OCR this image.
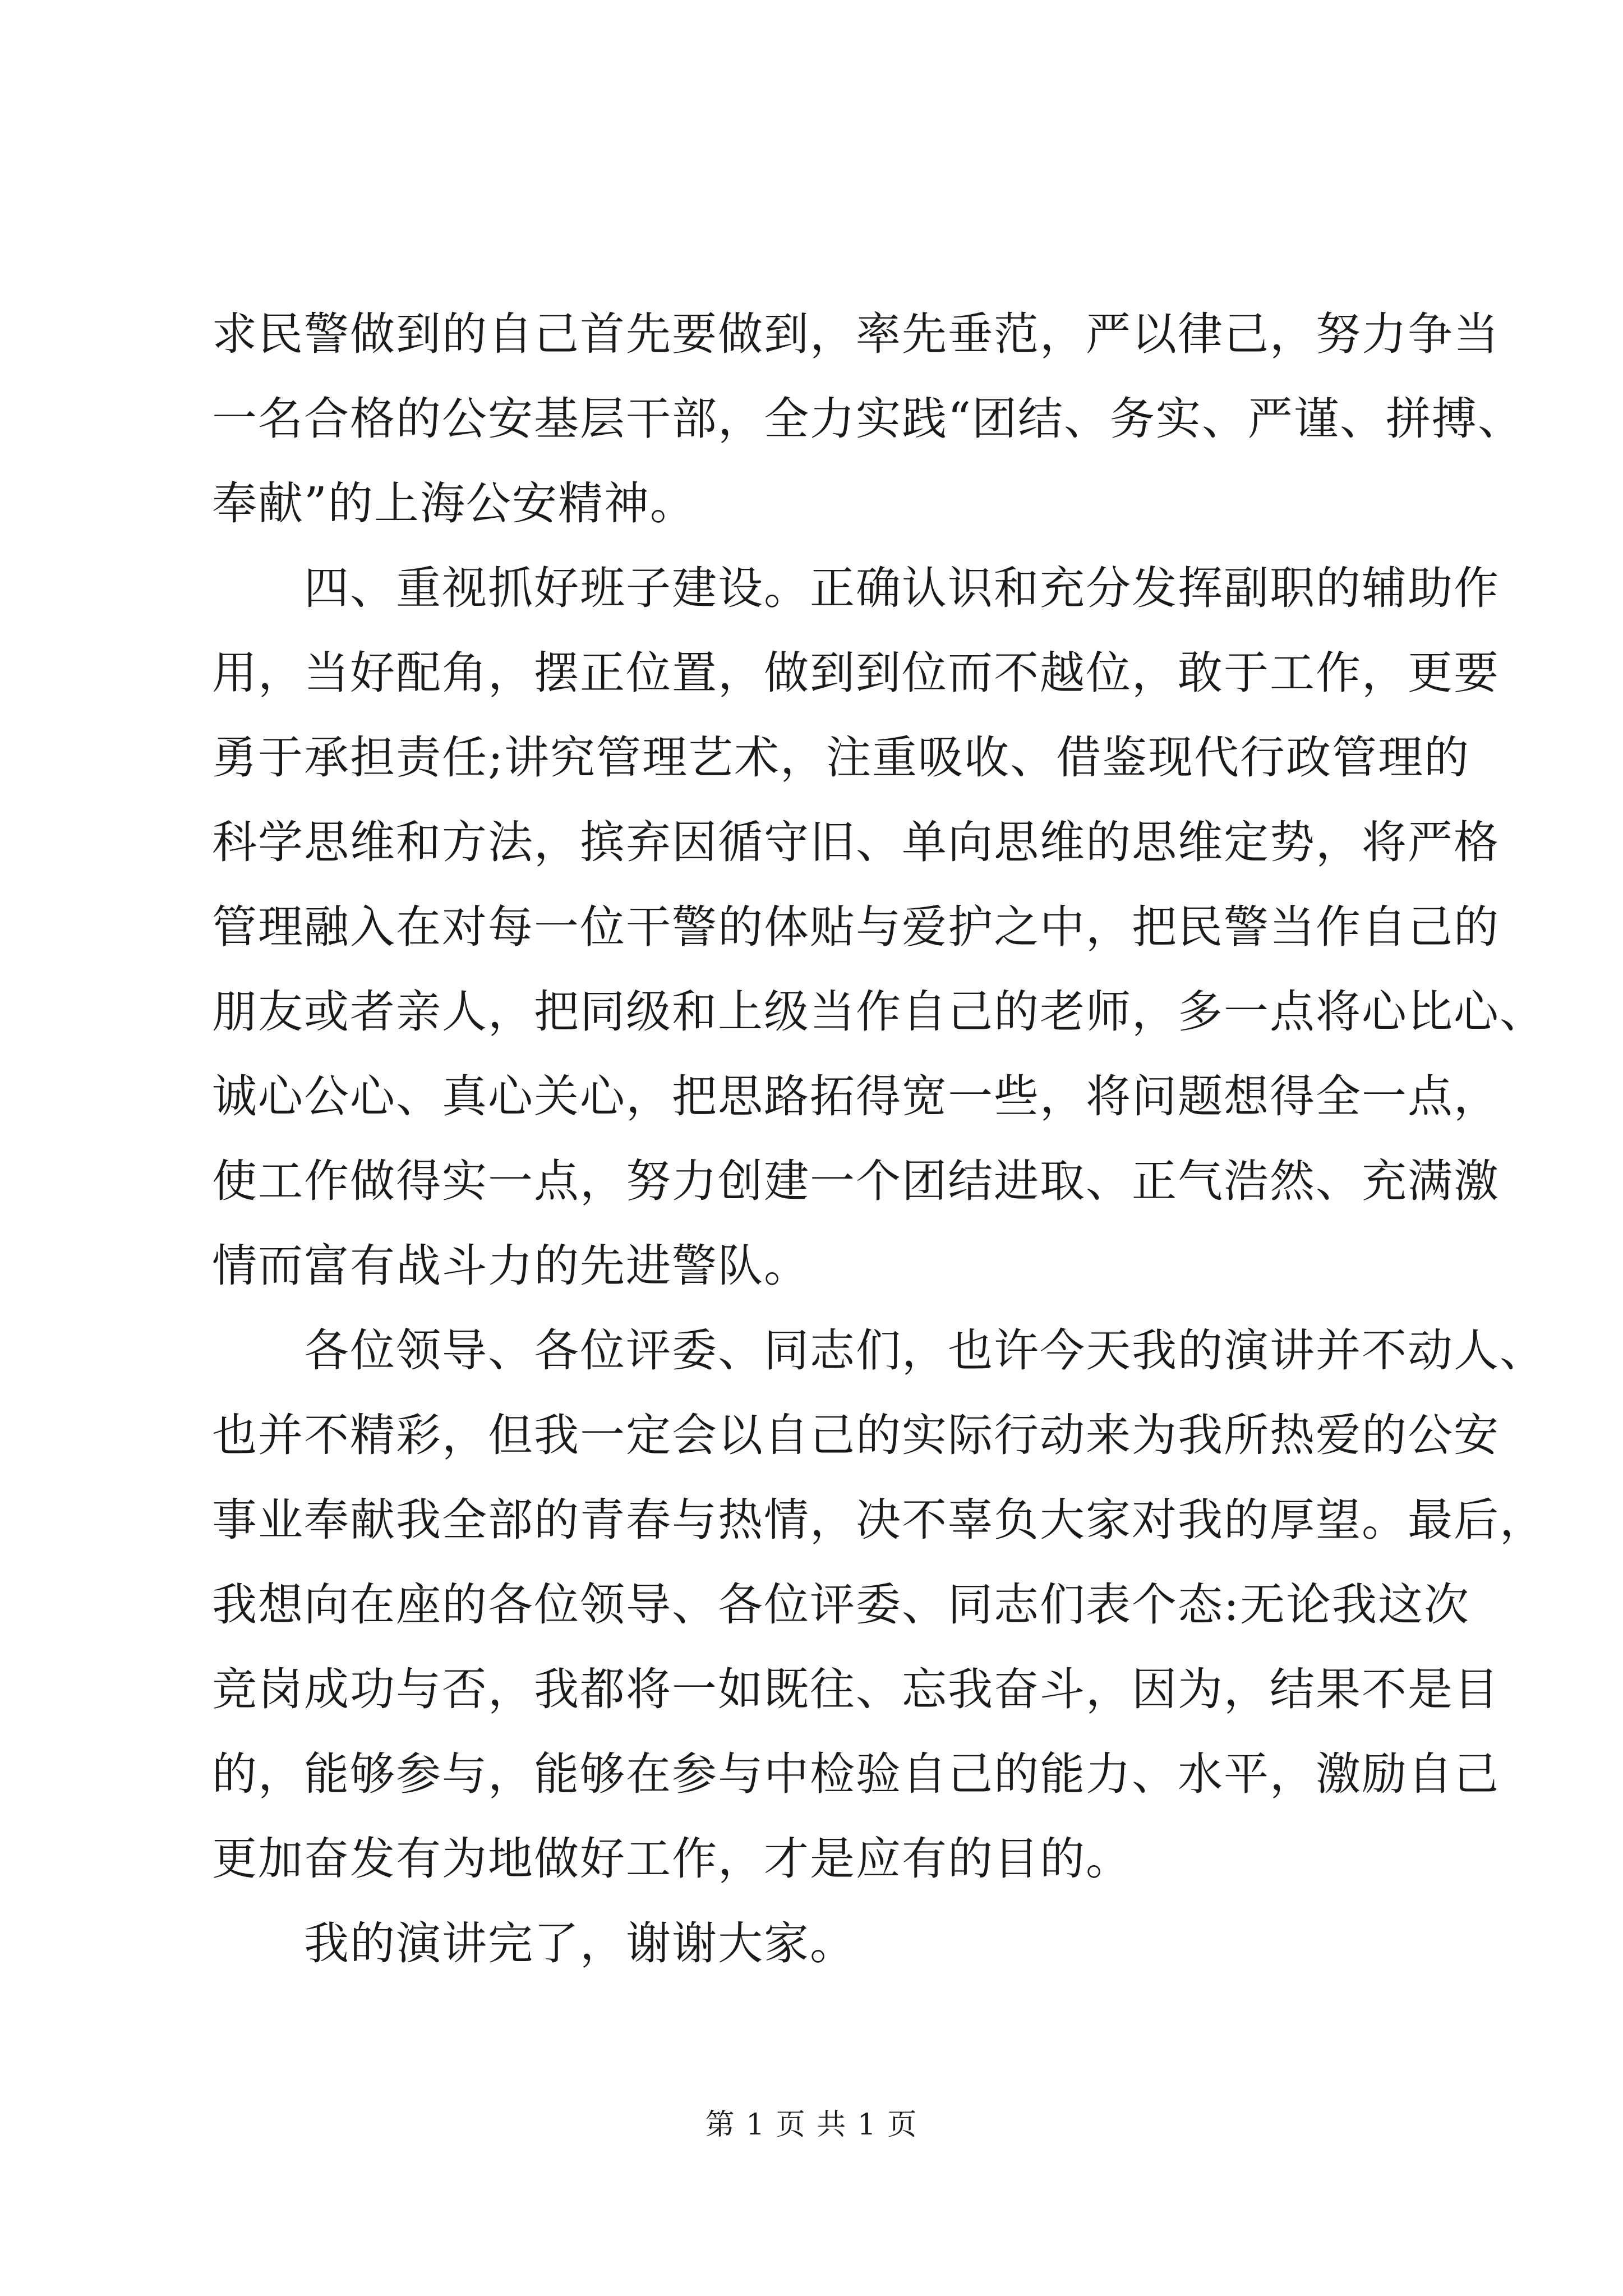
求民警做到的自己首先要做到，率先垂范，严以律己，努力争当
一名合格的公安基层干部，全力实践“团结、务实、严谨、拼搏、
奉献”的上海公安精神。
　　四、重视抓好班子建设。正确认识和充分发挥副职的辅助作
用，当好配角，摆正位置，做到到位而不越位，敢于工作，更要
勇于承担责任;讲究管理艺术，注重吸收、借鉴现代行政管理的
科学思维和方法，摈弃因循守旧、单向思维的思维定势，将严格
管理融入在对每一位干警的体贴与爱护之中，把民警当作自己的
朋友或者亲人，把同级和上级当作自己的老师，多一点将心比心、
诚心公心、真心关心，把思路拓得宽一些，将问题想得全一点，
使工作做得实一点，努力创建一个团结进取、正气浩然、充满激
情而富有战斗力的先进警队。
　　各位领导、各位评委、同志们，也许今天我的演讲并不动人、
也并不精彩，但我一定会以自己的实际行动来为我所热爱的公安
事业奉献我全部的青春与热情，决不辜负大家对我的厚望。最后，
我想向在座的各位领导、各位评委、同志们表个态:无论我这次
竞岗成功与否，我都将一如既往、忘我奋斗，因为，结果不是目
的，能够参与，能够在参与中检验自己的能力、水平，激励自己
更加奋发有为地做好工作，才是应有的目的。
　　我的演讲完了，谢谢大家。
第 1 页 共 1 页
